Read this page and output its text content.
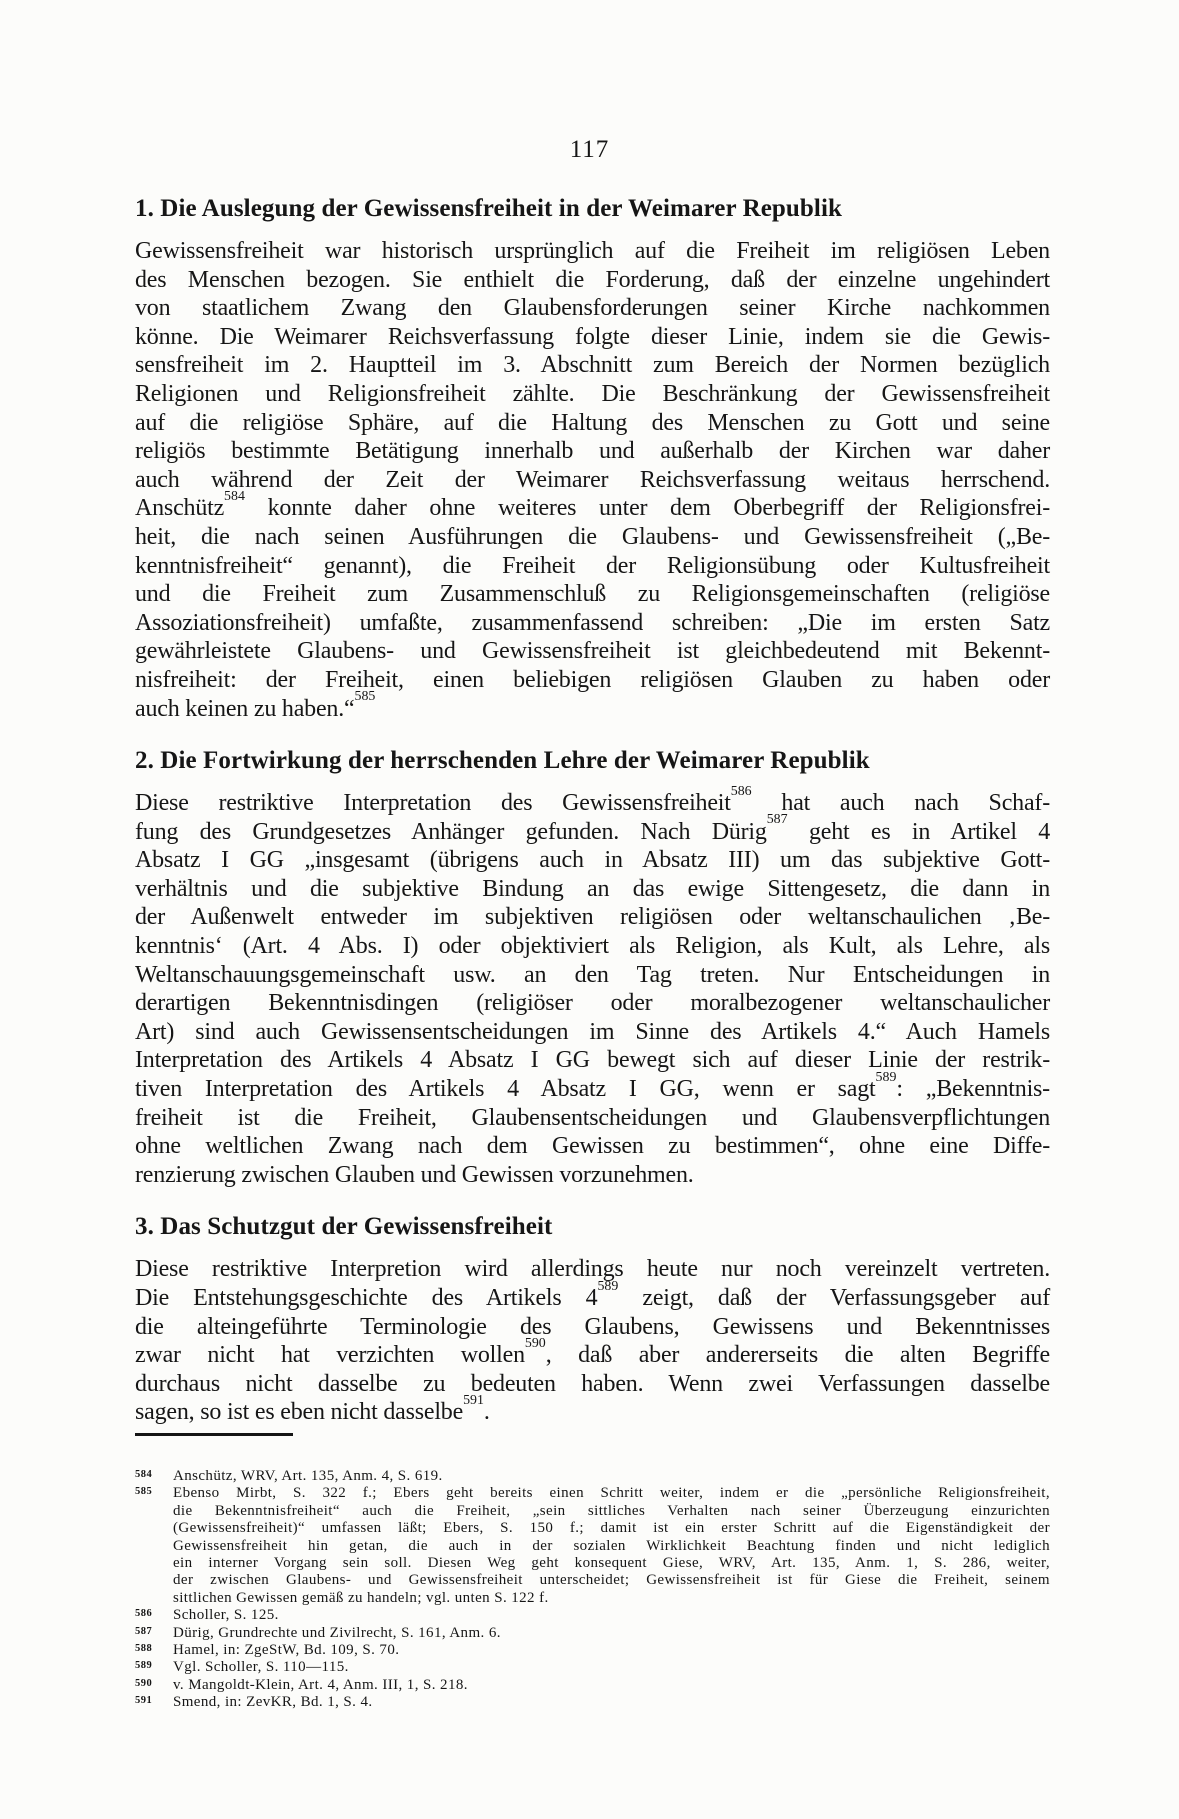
117
1. Die Auslegung der Gewissensfreiheit in der Weimarer Republik
Gewissensfreiheit war historisch ursprünglich auf die Freiheit im religiösen Leben
des Menschen bezogen. Sie enthielt die Forderung, daß der einzelne ungehindert
von staatlichem Zwang den Glaubensforderungen seiner Kirche nachkommen
könne. Die Weimarer Reichsverfassung folgte dieser Linie, indem sie die Gewis-
sensfreiheit im 2. Hauptteil im 3. Abschnitt zum Bereich der Normen bezüglich
Religionen und Religionsfreiheit zählte. Die Beschränkung der Gewissensfreiheit
auf die religiöse Sphäre, auf die Haltung des Menschen zu Gott und seine
religiös bestimmte Betätigung innerhalb und außerhalb der Kirchen war daher
auch während der Zeit der Weimarer Reichsverfassung weitaus herrschend.
Anschütz$^{584}$ konnte daher ohne weiteres unter dem Oberbegriff der Religionsfrei-
heit, die nach seinen Ausführungen die Glaubens- und Gewissensfreiheit („Be-
kenntnisfreiheit“ genannt), die Freiheit der Religionsübung oder Kultusfreiheit
und die Freiheit zum Zusammenschluß zu Religionsgemeinschaften (religiöse
Assoziationsfreiheit) umfaßte, zusammenfassend schreiben: „Die im ersten Satz
gewährleistete Glaubens- und Gewissensfreiheit ist gleichbedeutend mit Bekennt-
nisfreiheit: der Freiheit, einen beliebigen religiösen Glauben zu haben oder
auch keinen zu haben.“$^{585}$
2. Die Fortwirkung der herrschenden Lehre der Weimarer Republik
Diese restriktive Interpretation des Gewissensfreiheit$^{586}$ hat auch nach Schaf-
fung des Grundgesetzes Anhänger gefunden. Nach Dürig$^{587}$ geht es in Artikel 4
Absatz I GG „insgesamt (übrigens auch in Absatz III) um das subjektive Gott-
verhältnis und die subjektive Bindung an das ewige Sittengesetz, die dann in
der Außenwelt entweder im subjektiven religiösen oder weltanschaulichen ‚Be-
kenntnis‘ (Art. 4 Abs. I) oder objektiviert als Religion, als Kult, als Lehre, als
Weltanschauungsgemeinschaft usw. an den Tag treten. Nur Entscheidungen in
derartigen Bekenntnisdingen (religiöser oder moralbezogener weltanschaulicher
Art) sind auch Gewissensentscheidungen im Sinne des Artikels 4.“ Auch Hamels
Interpretation des Artikels 4 Absatz I GG bewegt sich auf dieser Linie der restrik-
tiven Interpretation des Artikels 4 Absatz I GG, wenn er sagt$^{589}$: „Bekenntnis-
freiheit ist die Freiheit, Glaubensentscheidungen und Glaubensverpflichtungen
ohne weltlichen Zwang nach dem Gewissen zu bestimmen“, ohne eine Diffe-
renzierung zwischen Glauben und Gewissen vorzunehmen.
3. Das Schutzgut der Gewissensfreiheit
Diese restriktive Interpretion wird allerdings heute nur noch vereinzelt vertreten.
Die Entstehungsgeschichte des Artikels $4^{589}$ zeigt, daß der Verfassungsgeber auf
die alteingeführte Terminologie des Glaubens, Gewissens und Bekenntnisses
zwar nicht hat verzichten wollen$^{590}$, daß aber andererseits die alten Begriffe
durchaus nicht dasselbe zu bedeuten haben. Wenn zwei Verfassungen dasselbe
sagen, so ist es eben nicht dasselbe$^{591}$.
584	Anschütz, WRV, Art. 135, Anm. 4, S. 619.
585	Ebenso Mirbt, S. 322 f.; Ebers geht bereits einen Schritt weiter, indem er die „persönliche Religionsfreiheit,
die Bekenntnisfreiheit“ auch die Freiheit, „sein sittliches Verhalten nach seiner Überzeugung einzurichten
(Gewissensfreiheit)“ umfassen läßt; Ebers, S. 150 f.; damit ist ein erster Schritt auf die Eigenständigkeit der
Gewissensfreiheit hin getan, die auch in der sozialen Wirklichkeit Beachtung finden und nicht lediglich
ein interner Vorgang sein soll. Diesen Weg geht konsequent Giese, WRV, Art. 135, Anm. 1, S. 286, weiter,
der zwischen Glaubens- und Gewissensfreiheit unterscheidet; Gewissensfreiheit ist für Giese die Freiheit, seinem
sittlichen Gewissen gemäß zu handeln; vgl. unten S. 122 f.
586	Scholler, S. 125.
587	Dürig, Grundrechte und Zivilrecht, S. 161, Anm. 6.
588	Hamel, in: ZgeStW, Bd. 109, S. 70.
589	Vgl. Scholler, S. 110—115.
590	v. Mangoldt-Klein, Art. 4, Anm. III, 1, S. 218.
591	Smend, in: ZevKR, Bd. 1, S. 4.
